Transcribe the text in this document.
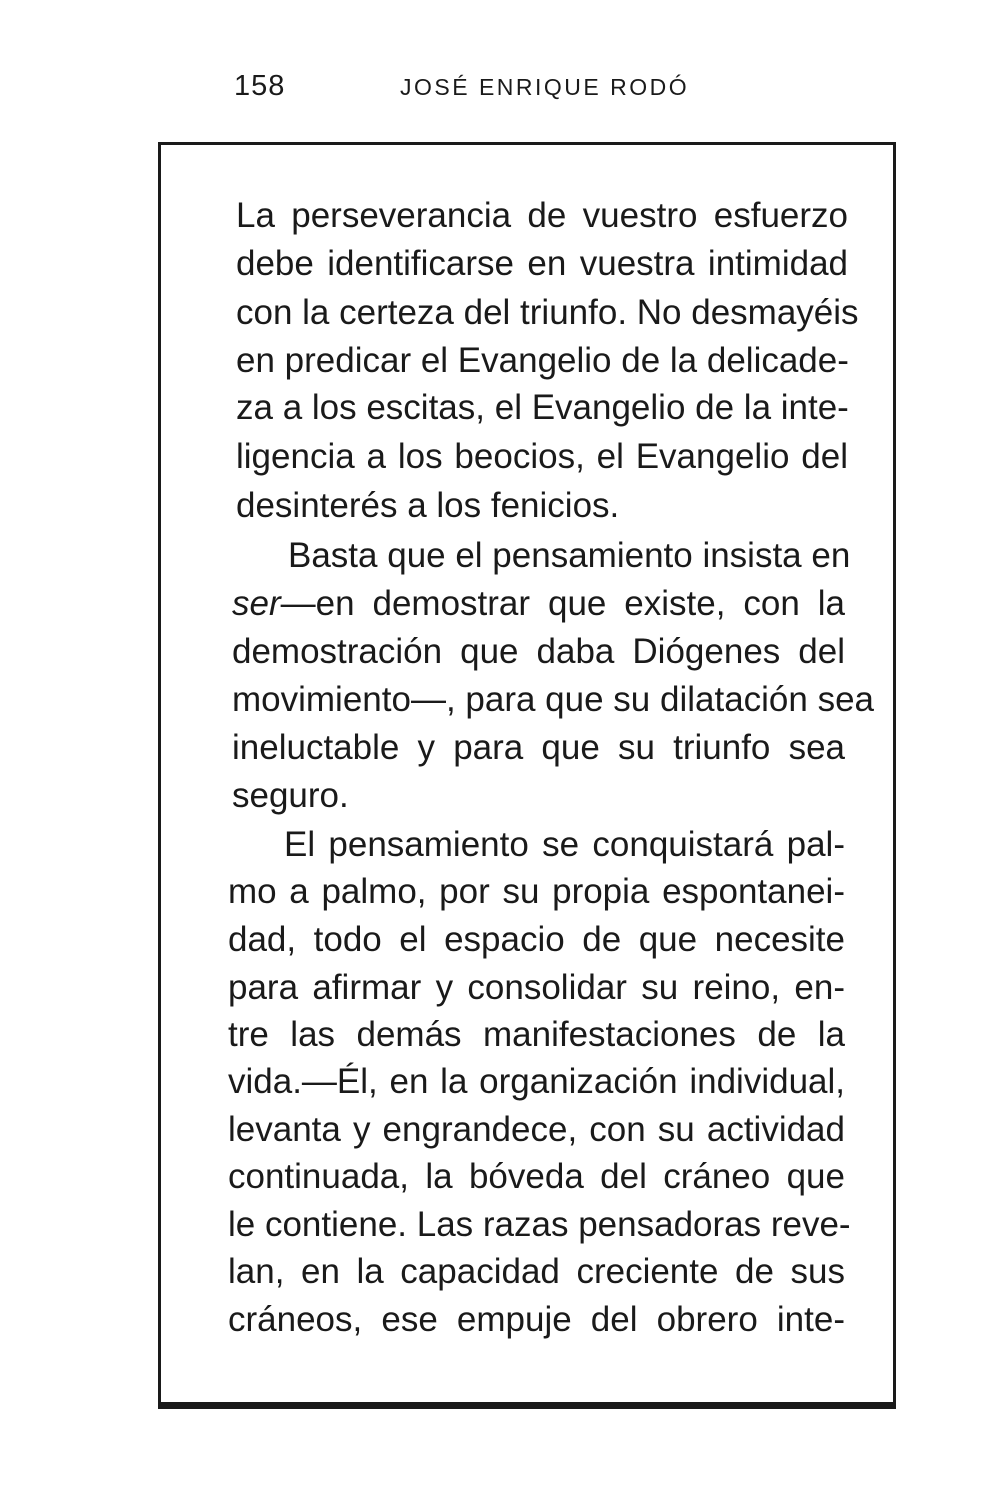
158	JOSÉ ENRIQUE RODÓ
La perseverancia de vuestro esfuerzo
debe identificarse en vuestra intimidad
con la certeza del triunfo. No desmayéis
en predicar el Evangelio de la delicade-
za a los escitas, el Evangelio de la inte-
ligencia a los beocios, el Evangelio del
desinterés a los fenicios.
Basta que el pensamiento insista en
ser—en demostrar que existe, con la
demostración que daba Diógenes del
movimiento—, para que su dilatación sea
ineluctable y para que su triunfo sea
seguro.
El pensamiento se conquistará pal-
mo a palmo, por su propia espontanei-
dad, todo el espacio de que necesite
para afirmar y consolidar su reino, en-
tre las demás manifestaciones de la
vida.—Él, en la organización individual,
levanta y engrandece, con su actividad
continuada, la bóveda del cráneo que
le contiene. Las razas pensadoras reve-
lan, en la capacidad creciente de sus
cráneos, ese empuje del obrero inte-
